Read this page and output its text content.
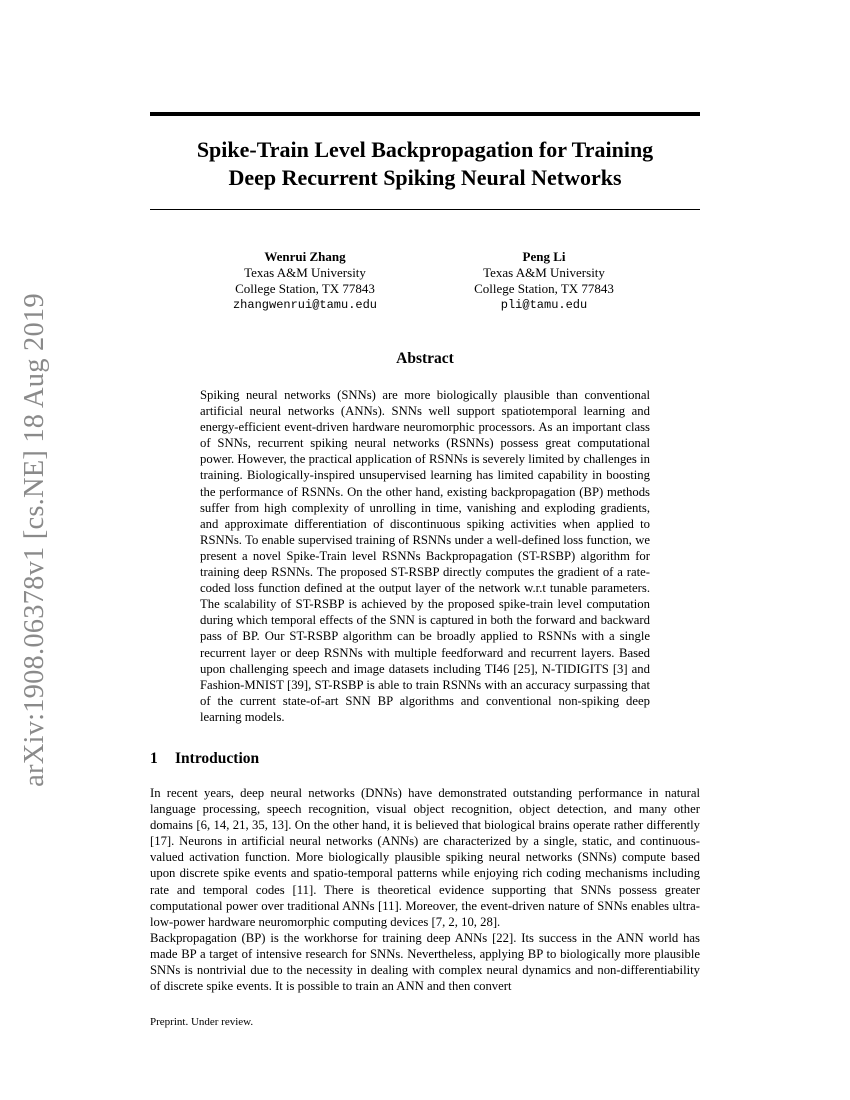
arXiv:1908.06378v1 [cs.NE] 18 Aug 2019
Spike-Train Level Backpropagation for Training
Deep Recurrent Spiking Neural Networks
Wenrui Zhang
Texas A&M University
College Station, TX 77843
zhangwenrui@tamu.edu
Peng Li
Texas A&M University
College Station, TX 77843
pli@tamu.edu
Abstract
Spiking neural networks (SNNs) are more biologically plausible than conventional artificial neural networks (ANNs). SNNs well support spatiotemporal learning and energy-efficient event-driven hardware neuromorphic processors. As an important class of SNNs, recurrent spiking neural networks (RSNNs) possess great computational power. However, the practical application of RSNNs is severely limited by challenges in training. Biologically-inspired unsupervised learning has limited capability in boosting the performance of RSNNs. On the other hand, existing backpropagation (BP) methods suffer from high complexity of unrolling in time, vanishing and exploding gradients, and approximate differentiation of discontinuous spiking activities when applied to RSNNs. To enable supervised training of RSNNs under a well-defined loss function, we present a novel Spike-Train level RSNNs Backpropagation (ST-RSBP) algorithm for training deep RSNNs. The proposed ST-RSBP directly computes the gradient of a rate-coded loss function defined at the output layer of the network w.r.t tunable parameters. The scalability of ST-RSBP is achieved by the proposed spike-train level computation during which temporal effects of the SNN is captured in both the forward and backward pass of BP. Our ST-RSBP algorithm can be broadly applied to RSNNs with a single recurrent layer or deep RSNNs with multiple feedforward and recurrent layers. Based upon challenging speech and image datasets including TI46 [25], N-TIDIGITS [3] and Fashion-MNIST [39], ST-RSBP is able to train RSNNs with an accuracy surpassing that of the current state-of-art SNN BP algorithms and conventional non-spiking deep learning models.
1 Introduction
In recent years, deep neural networks (DNNs) have demonstrated outstanding performance in natural language processing, speech recognition, visual object recognition, object detection, and many other domains [6, 14, 21, 35, 13]. On the other hand, it is believed that biological brains operate rather differently [17]. Neurons in artificial neural networks (ANNs) are characterized by a single, static, and continuous-valued activation function. More biologically plausible spiking neural networks (SNNs) compute based upon discrete spike events and spatio-temporal patterns while enjoying rich coding mechanisms including rate and temporal codes [11]. There is theoretical evidence supporting that SNNs possess greater computational power over traditional ANNs [11]. Moreover, the event-driven nature of SNNs enables ultra-low-power hardware neuromorphic computing devices [7, 2, 10, 28].
Backpropagation (BP) is the workhorse for training deep ANNs [22]. Its success in the ANN world has made BP a target of intensive research for SNNs. Nevertheless, applying BP to biologically more plausible SNNs is nontrivial due to the necessity in dealing with complex neural dynamics and non-differentiability of discrete spike events. It is possible to train an ANN and then convert
Preprint. Under review.
